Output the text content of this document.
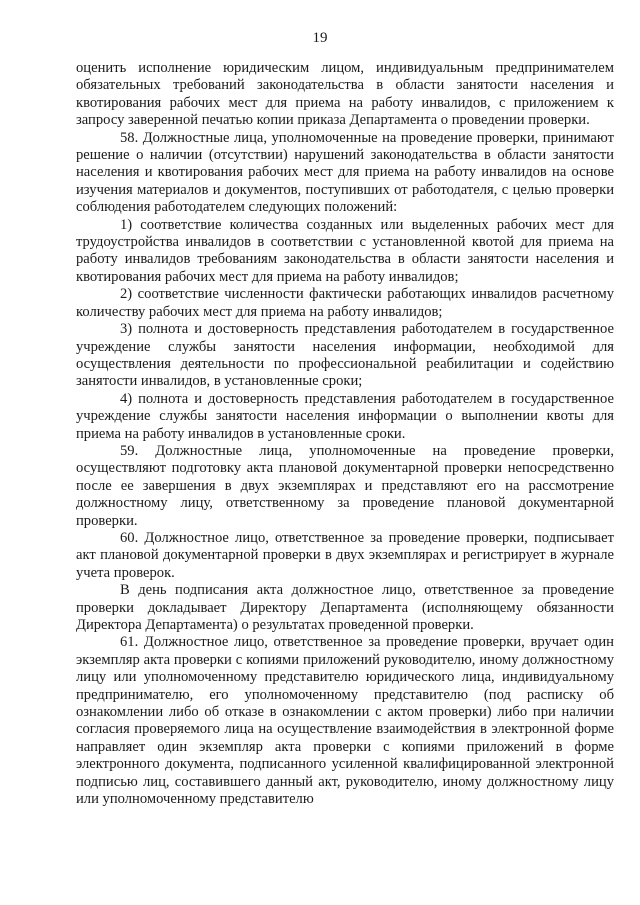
19

оценить исполнение юридическим лицом, индивидуальным предпринимателем обязательных требований законодательства в области занятости населения и квотирования рабочих мест для приема на работу инвалидов, с приложением к запросу заверенной печатью копии приказа Департамента о проведении проверки.

58. Должностные лица, уполномоченные на проведение проверки, принимают решение о наличии (отсутствии) нарушений законодательства в области занятости населения и квотирования рабочих мест для приема на работу инвалидов на основе изучения материалов и документов, поступивших от работодателя, с целью проверки соблюдения работодателем следующих положений:

1) соответствие количества созданных или выделенных рабочих мест для трудоустройства инвалидов в соответствии с установленной квотой для приема на работу инвалидов требованиям законодательства в области занятости населения и квотирования рабочих мест для приема на работу инвалидов;

2) соответствие численности фактически работающих инвалидов расчетному количеству рабочих мест для приема на работу инвалидов;

3) полнота и достоверность представления работодателем в государственное учреждение службы занятости населения информации, необходимой для осуществления деятельности по профессиональной реабилитации и содействию занятости инвалидов, в установленные сроки;

4) полнота и достоверность представления работодателем в государственное учреждение службы занятости населения информации о выполнении квоты для приема на работу инвалидов в установленные сроки.

59. Должностные лица, уполномоченные на проведение проверки, осуществляют подготовку акта плановой документарной проверки непосредственно после ее завершения в двух экземплярах и представляют его на рассмотрение должностному лицу, ответственному за проведение плановой документарной проверки.

60. Должностное лицо, ответственное за проведение проверки, подписывает акт плановой документарной проверки в двух экземплярах и регистрирует в журнале учета проверок.

В день подписания акта должностное лицо, ответственное за проведение проверки докладывает Директору Департамента (исполняющему обязанности Директора Департамента) о результатах проведенной проверки.

61. Должностное лицо, ответственное за проведение проверки, вручает один экземпляр акта проверки с копиями приложений руководителю, иному должностному лицу или уполномоченному представителю юридического лица, индивидуальному предпринимателю, его уполномоченному представителю (под расписку об ознакомлении либо об отказе в ознакомлении с актом проверки) либо при наличии согласия проверяемого лица на осуществление взаимодействия в электронной форме направляет один экземпляр акта проверки с копиями приложений в форме электронного документа, подписанного усиленной квалифицированной электронной подписью лиц, составившего данный акт, руководителю, иному должностному лицу или уполномоченному представителю
